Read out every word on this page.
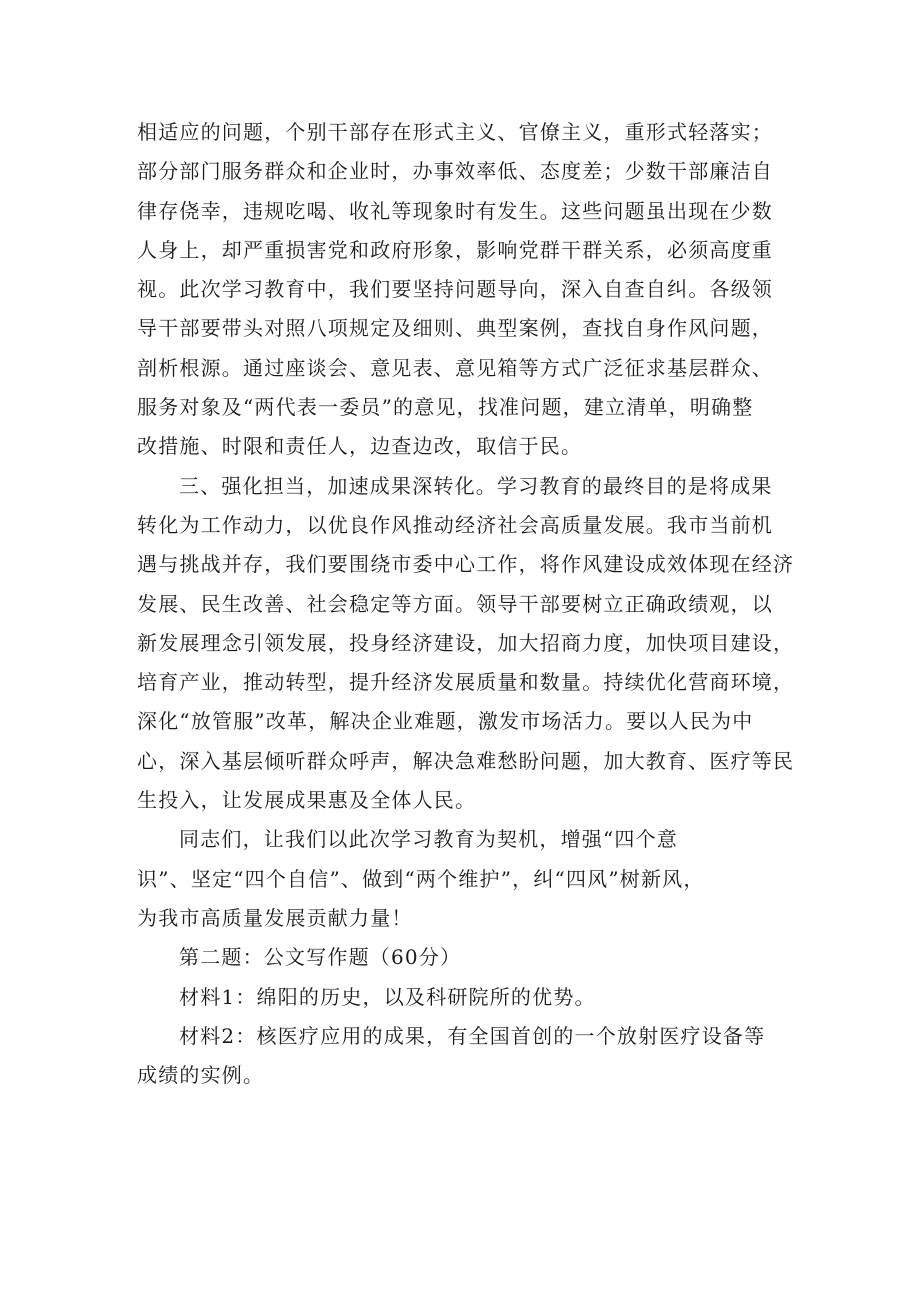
相适应的问题，个别干部存在形式主义、官僚主义，重形式轻落实；
部分部门服务群众和企业时，办事效率低、态度差；少数干部廉洁自
律存侥幸，违规吃喝、收礼等现象时有发生。这些问题虽出现在少数
人身上，却严重损害党和政府形象，影响党群干群关系，必须高度重
视。此次学习教育中，我们要坚持问题导向，深入自查自纠。各级领
导干部要带头对照八项规定及细则、典型案例，查找自身作风问题，
剖析根源。通过座谈会、意见表、意见箱等方式广泛征求基层群众、
服务对象及“两代表一委员”的意见，找准问题，建立清单，明确整
改措施、时限和责任人，边查边改，取信于民。

三、强化担当，加速成果深转化。学习教育的最终目的是将成果
转化为工作动力，以优良作风推动经济社会高质量发展。我市当前机
遇与挑战并存，我们要围绕市委中心工作，将作风建设成效体现在经济
发展、民生改善、社会稳定等方面。领导干部要树立正确政绩观，以
新发展理念引领发展，投身经济建设，加大招商力度，加快项目建设，
培育产业，推动转型，提升经济发展质量和数量。持续优化营商环境，
深化“放管服”改革，解决企业难题，激发市场活力。要以人民为中
心，深入基层倾听群众呼声，解决急难愁盼问题，加大教育、医疗等民
生投入，让发展成果惠及全体人民。

同志们，让我们以此次学习教育为契机，增强“四个意
识”、坚定“四个自信”、做到“两个维护”，纠“四风”树新风，
为我市高质量发展贡献力量！

第二题：公文写作题（60分）

材料1：绵阳的历史，以及科研院所的优势。

材料2：核医疗应用的成果，有全国首创的一个放射医疗设备等
成绩的实例。
